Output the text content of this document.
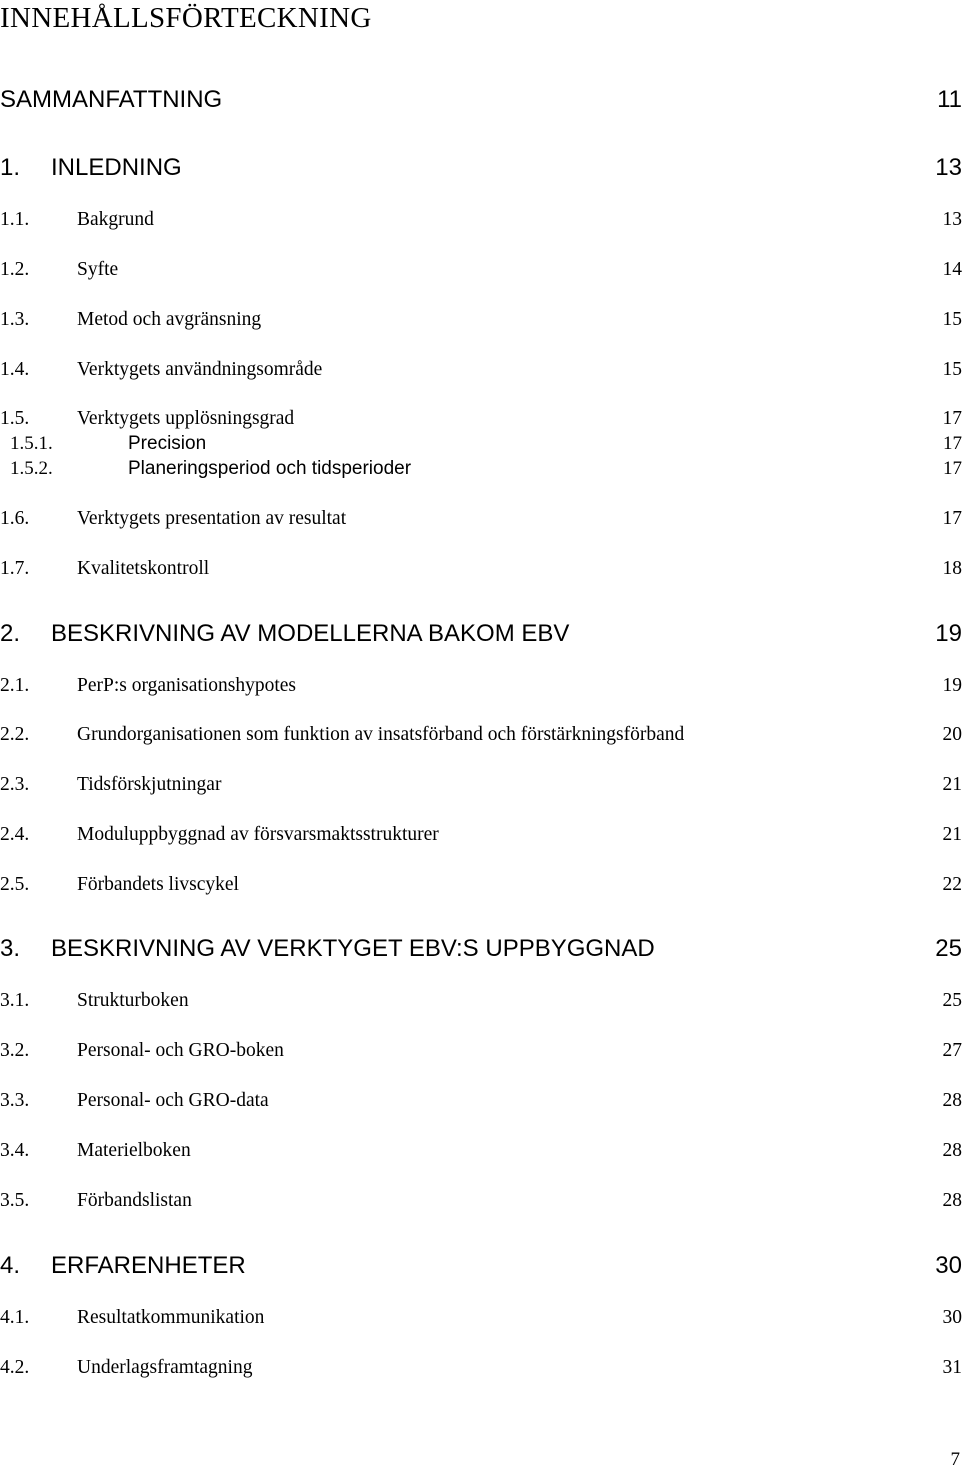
INNEHÅLLSFÖRTECKNING
SAMMANFATTNING	11
1. INLEDNING	13
1.1. Bakgrund	13
1.2. Syfte	14
1.3. Metod och avgränsning	15
1.4. Verktygets användningsområde	15
1.5. Verktygets upplösningsgrad	17
1.5.1.	Precision	17
1.5.2.	Planeringsperiod och tidsperioder	17
1.6. Verktygets presentation av resultat	17
1.7. Kvalitetskontroll	18
2. BESKRIVNING AV MODELLERNA BAKOM EBV	19
2.1. PerP:s organisationshypotes	19
2.2. Grundorganisationen som funktion av insatsförband och förstärkningsförband	20
2.3. Tidsförskjutningar	21
2.4. Moduluppbyggnad av försvarsmaktsstrukturer	21
2.5. Förbandets livscykel	22
3. BESKRIVNING AV VERKTYGET EBV:S UPPBYGGNAD	25
3.1. Strukturboken	25
3.2. Personal- och GRO-boken	27
3.3. Personal- och GRO-data	28
3.4. Materielboken	28
3.5. Förbandslistan	28
4. ERFARENHETER	30
4.1. Resultatkommunikation	30
4.2. Underlagsframtagning	31
7
